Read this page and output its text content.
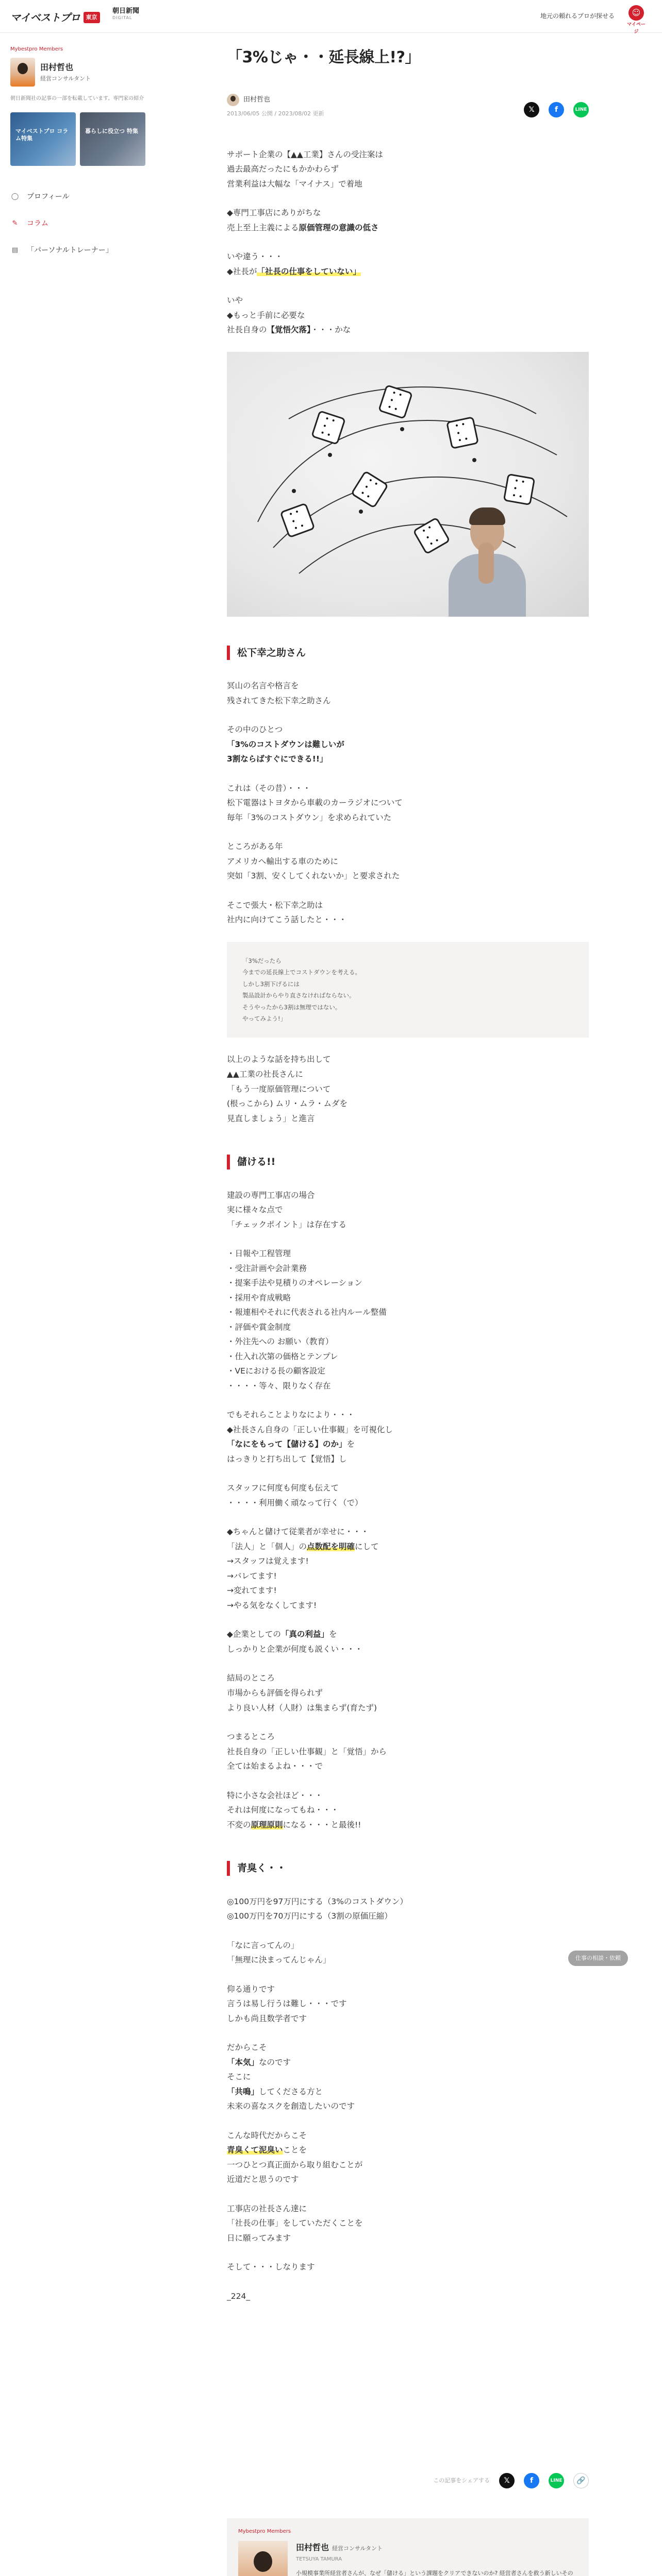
マイベストプロ	東京
朝日新聞
DIGITAL	地元の頼れるプロが探せる	☺
マイページ
Mybestpro Members
田村哲也
経営コンサルタント
朝日新聞社の記事の一部を転載しています。専門家の紹介
マイベストプロ コラム特集
暮らしに役立つ 特集
◯ プロフィール
✎ コラム
▤ 「パーソナルトレーナー」
「3%じゃ・・延長線上!?」
田村哲也
2013/06/05 公開 / 2023/08/02 更新	𝕏	f	LINE

サポート企業の【▲▲工業】さんの受注案は
過去最高だったにもかかわらず
営業利益は大幅な「マイナス」で着地

◆専門工事店にありがちな
売上至上主義による原価管理の意識の低さ

いや違う・・・
◆社長が「社長の仕事をしていない」

いや
◆もっと手前に必要な
社長自身の【覚悟欠落】・・・かな

• • •
• • •
• • •
• • •
• • •
• • •
• • •
松下幸之助さん

冥山の名言や格言を
残されてきた松下幸之助さん

その中のひとつ
「3%のコストダウンは難しいが
3割ならばすぐにできる!!」

これは（その昔）・・・
松下電器はトヨタから車載のカーラジオについて
毎年「3%のコストダウン」を求められていた

ところがある年
アメリカへ輸出する車のために
突如「3割、安くしてくれないか」と要求された

そこで張大・松下幸之助は
社内に向けてこう話したと・・・

「3%だったら
今までの延長線上でコストダウンを考える。
しかし3割下げるには
製品設計からやり直さなければならない。
そうやったから3割は無理ではない。
やってみよう!」

以上のような話を持ち出して
▲▲工業の社長さんに
「もう一度原価管理について
(根っこから) ムリ・ムラ・ムダを
見直しましょう」と進言

儲ける!!

建設の専門工事店の場合
実に様々な点で
「チェックポイント」は存在する

・日報や工程管理
・受注計画や会計業務
・提案手法や見積りのオペレーション
・採用や育成戦略
・報連相やそれに代表される社内ルール整備
・評価や賞金制度
・外注先への お願い（教育）
・仕入れ次第の価格とテンプレ
・VEにおける長の顧客設定
・・・・等々、限りなく存在

でもそれらことよりなにより・・・
◆社長さん自身の「正しい仕事観」を可視化し
「なにをもって【儲ける】のか」を
はっきりと打ち出して【覚悟】し

スタッフに何度も何度も伝えて
・・・・利用働く頑なって行く（で）

◆ちゃんと儲けて従業者が幸せに・・・
「法人」と「個人」の点数配を明確にして
→スタッフは覚えます!
→バレてます!
→変れてます!
→やる気をなくしてます!

◆企業としての「真の利益」を
しっかりと企業が何度も説くい・・・

結局のところ
市場からも評価を得られず
より良い人材（人財）は集まらず(育たず)

つまるところ
社長自身の「正しい仕事観」と「覚悟」から
全ては始まるよね・・・で

特に小さな会社ほど・・・
それは何度になってもね・・・
不変の原理原則になる・・・と最後!!

青臭く・・

◎100万円を97万円にする（3%のコストダウン）
◎100万円を70万円にする（3割の原価圧縮）

「なに言ってんの」
「無理に決まってんじゃん」

仰る通りです
言うは易し行うは難し・・・です
しかも尚且数学者です

だからこそ
「本気」なのです
そこに
「共鳴」してくださる方と
未来の喜なスクを創造したいのです

こんな時代だからこそ
青臭くて泥臭いことを
一つひとつ真正面から取り組むことが
近道だと思うのです

工事店の社長さん達に
「社長の仕事」をしていただくことを
日に願ってみます

そして・・・しなります

_224_

仕事の相談・依頼
この記事をシェアする	𝕏	f	LINE	🔗
Mybestpro Members
田村哲也 経営コンサルタント
TETSUYA TAMURA
小規模事業所経営者さんが、なぜ「儲ける」という課題をクリアできないのか? 経営者さんを救う新しいその
